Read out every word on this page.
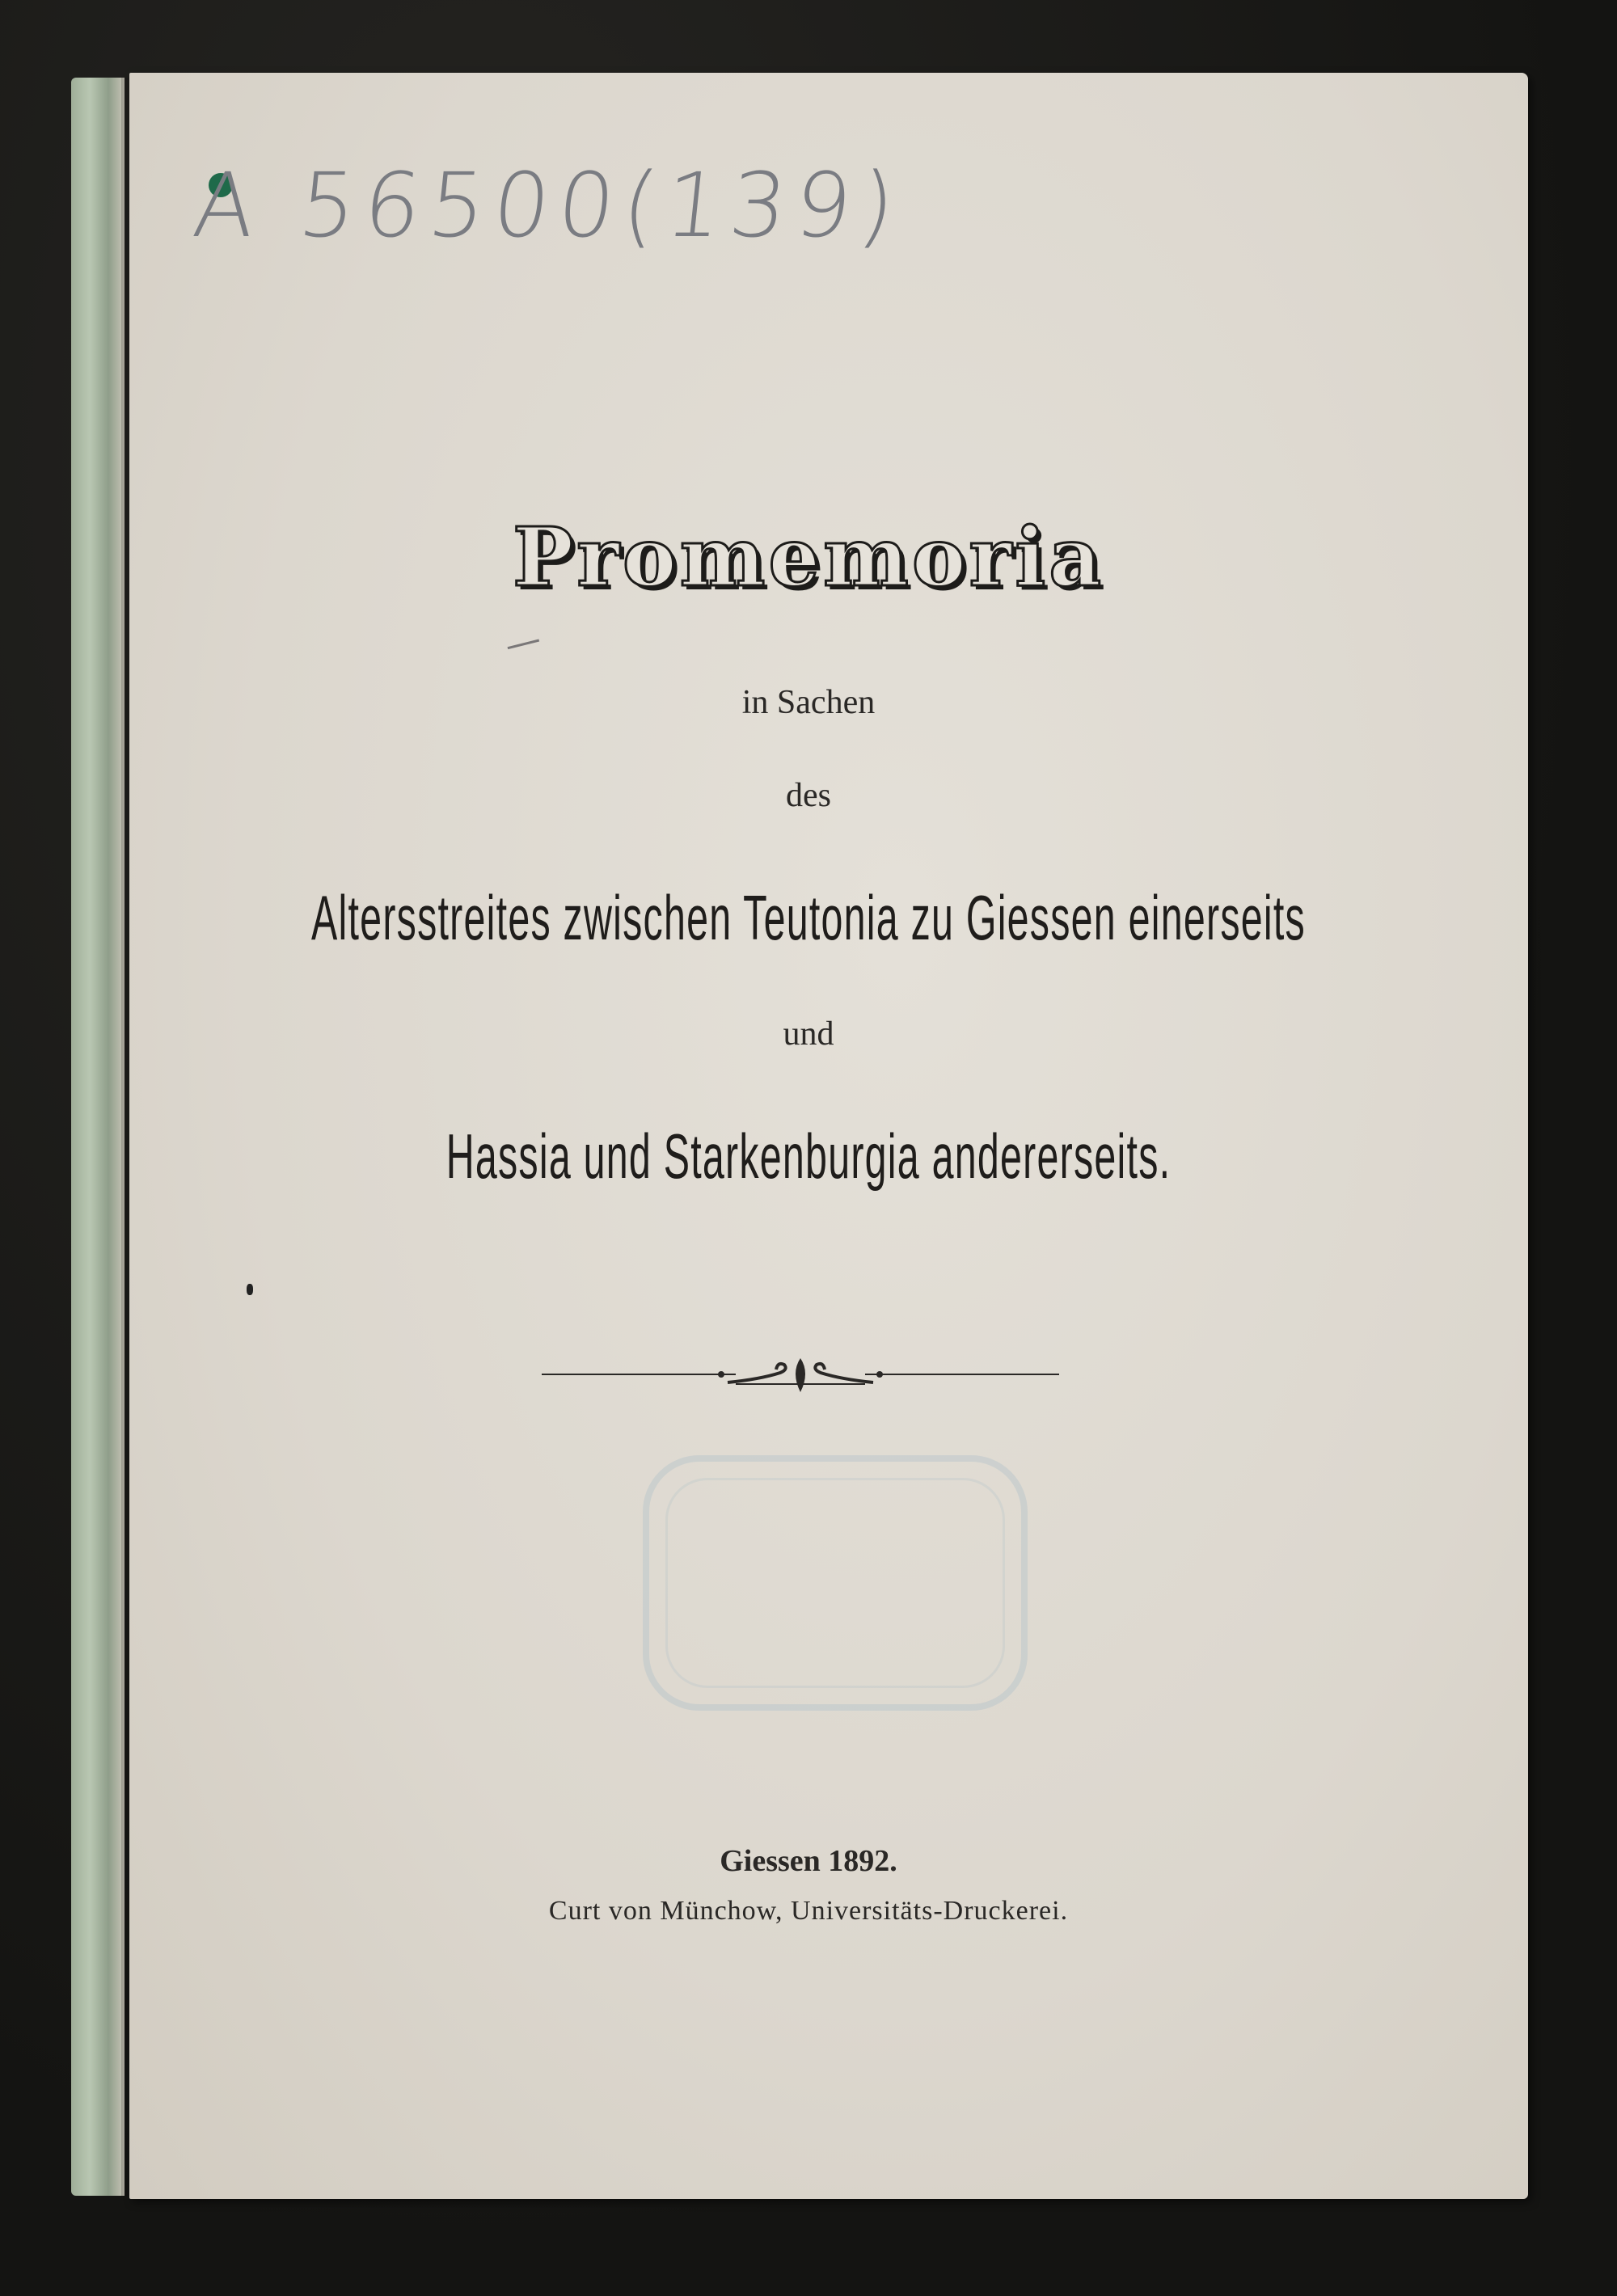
A 56500(139)
Promemoria
in Sachen
des
Altersstreites zwischen Teutonia zu Giessen einerseits
und
Hassia und Starkenburgia andererseits.
Giessen 1892.
Curt von Münchow, Universitäts-Druckerei.
